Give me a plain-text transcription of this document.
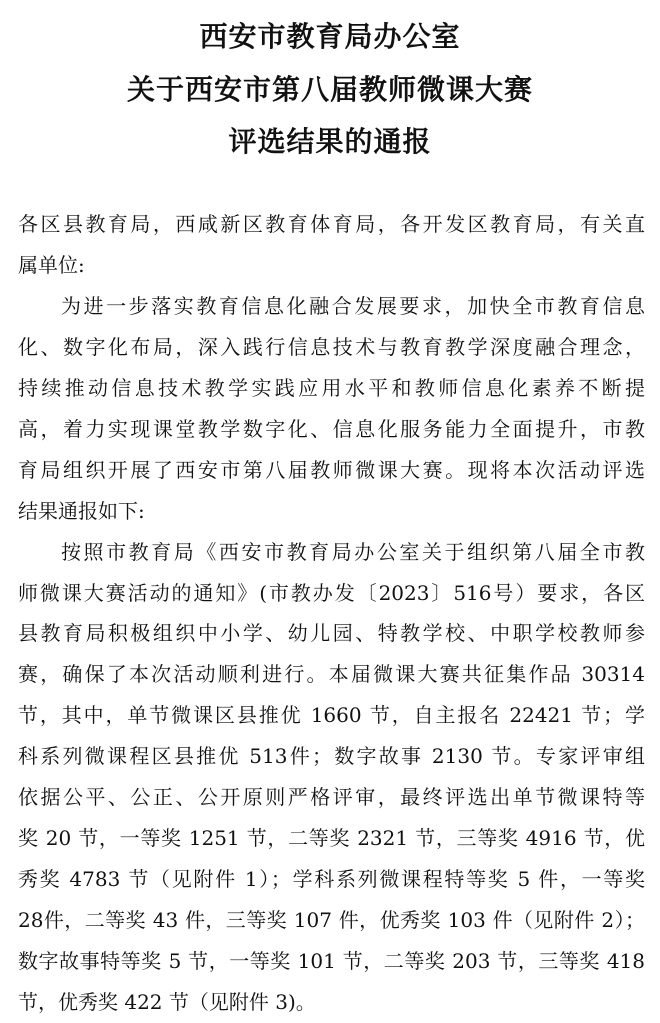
西安市教育局办公室
关于西安市第八届教师微课大赛
评选结果的通报
各区县教育局，西咸新区教育体育局，各开发区教育局，有关直
属单位:
为进一步落实教育信息化融合发展要求，加快全市教育信息
化、数字化布局，深入践行信息技术与教育教学深度融合理念，
持续推动信息技术教学实践应用水平和教师信息化素养不断提
高，着力实现课堂教学数字化、信息化服务能力全面提升，市教
育局组织开展了西安市第八届教师微课大赛。现将本次活动评选
结果通报如下:
按照市教育局《西安市教育局办公室关于组织第八届全市教
师微课大赛活动的通知》(市教办发〔2023〕516号）要求，各区
县教育局积极组织中小学、幼儿园、特教学校、中职学校教师参
赛，确保了本次活动顺利进行。本届微课大赛共征集作品 30314
节，其中，单节微课区县推优 1660 节，自主报名 22421 节；学
科系列微课程区县推优 513件；数字故事 2130 节。专家评审组
依据公平、公正、公开原则严格评审，最终评选出单节微课特等
奖 20 节，一等奖 1251 节，二等奖 2321 节，三等奖 4916 节，优
秀奖 4783 节（见附件 1）；学科系列微课程特等奖 5 件，一等奖
28件，二等奖 43 件，三等奖 107 件，优秀奖 103 件（见附件 2）；
数字故事特等奖 5 节，一等奖 101 节，二等奖 203 节，三等奖 418
节，优秀奖 422 节（见附件 3)。
